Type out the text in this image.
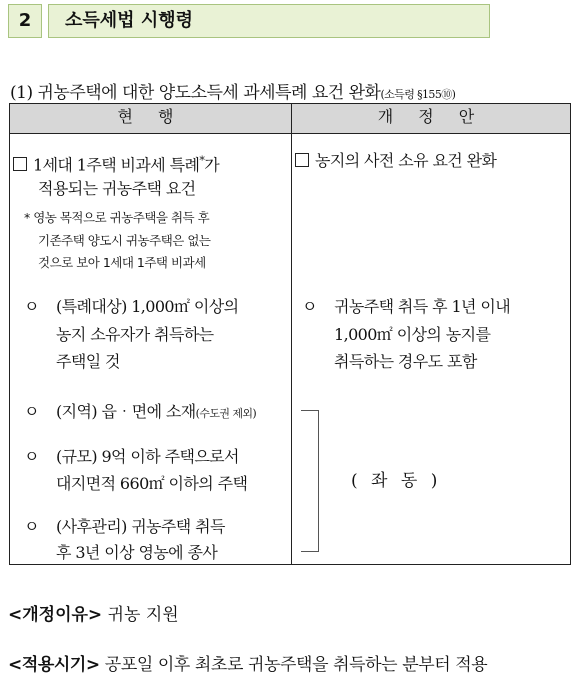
2	소득세법 시행령
(1) 귀농주택에 대한 양도소득세 과세특례 요건 완화(소득령 §155⑩)
현 행	개 정 안
1세대 1주택 비과세 특례*가
적용되는 귀농주택 요건
* 영농 목적으로 귀농주택을 취득 후
기존주택 양도시 귀농주택은 없는
것으로 보아 1세대 1주택 비과세
ㅇ (특례대상) 1,000㎡ 이상의
농지 소유자가 취득하는
주택일 것
ㅇ (지역) 읍‧면에 소재(수도권 제외)
ㅇ (규모) 9억 이하 주택으로서
대지면적 660㎡ 이하의 주택
ㅇ (사후관리) 귀농주택 취득
후 3년 이상 영농에 종사
농지의 사전 소유 요건 완화
ㅇ 귀농주택 취득 후 1년 이내
1,000㎡ 이상의 농지를
취득하는 경우도 포함
( 좌 동 )
<개정이유> 귀농 지원
<적용시기> 공포일 이후 최초로 귀농주택을 취득하는 분부터 적용
